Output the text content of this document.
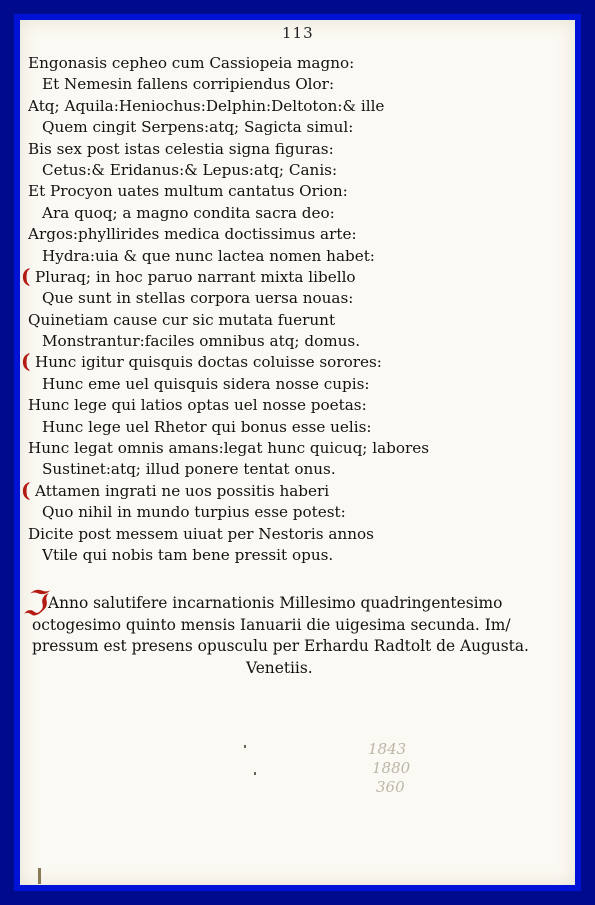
113
Engonasis cepheo cum Cassiopeia magno:
Et Nemesin fallens corripiendus Olor:
Atq; Aquila:Heniochus:Delphin:Deltoton:& ille
Quem cingit Serpens:atq; Sagicta simul:
Bis sex post istas celestia signa figuras:
Cetus:& Eridanus:& Lepus:atq; Canis:
Et Procyon uates multum cantatus Orion:
Ara quoq; a magno condita sacra deo:
Argos:phyllirides medica doctissimus arte:
Hydra:uia & que nunc lactea nomen habet:
( Pluraq; in hoc paruo narrant mixta libello
Que sunt in stellas corpora uersa nouas:
Quinetiam cause cur sic mutata fuerunt
Monstrantur:faciles omnibus atq; domus.
( Hunc igitur quisquis doctas coluisse sorores:
Hunc eme uel quisquis sidera nosse cupis:
Hunc lege qui latios optas uel nosse poetas:
Hunc lege uel Rhetor qui bonus esse uelis:
Hunc legat omnis amans:legat hunc quicuq; labores
Sustinet:atq; illud ponere tentat onus.
( Attamen ingrati ne uos possitis haberi
Quo nihil in mundo turpius esse potest:
Dicite post messem uiuat per Nestoris annos
Vtile qui nobis tam bene pressit opus.
ℑ Anno salutifere incarnationis Millesimo quadringentesimo
octogesimo quinto mensis Ianuarii die uigesima secunda. Im/
pressum est presens opusculu per Erhardu Radtolt de Augusta.
Venetiis.
1843
1880
360
